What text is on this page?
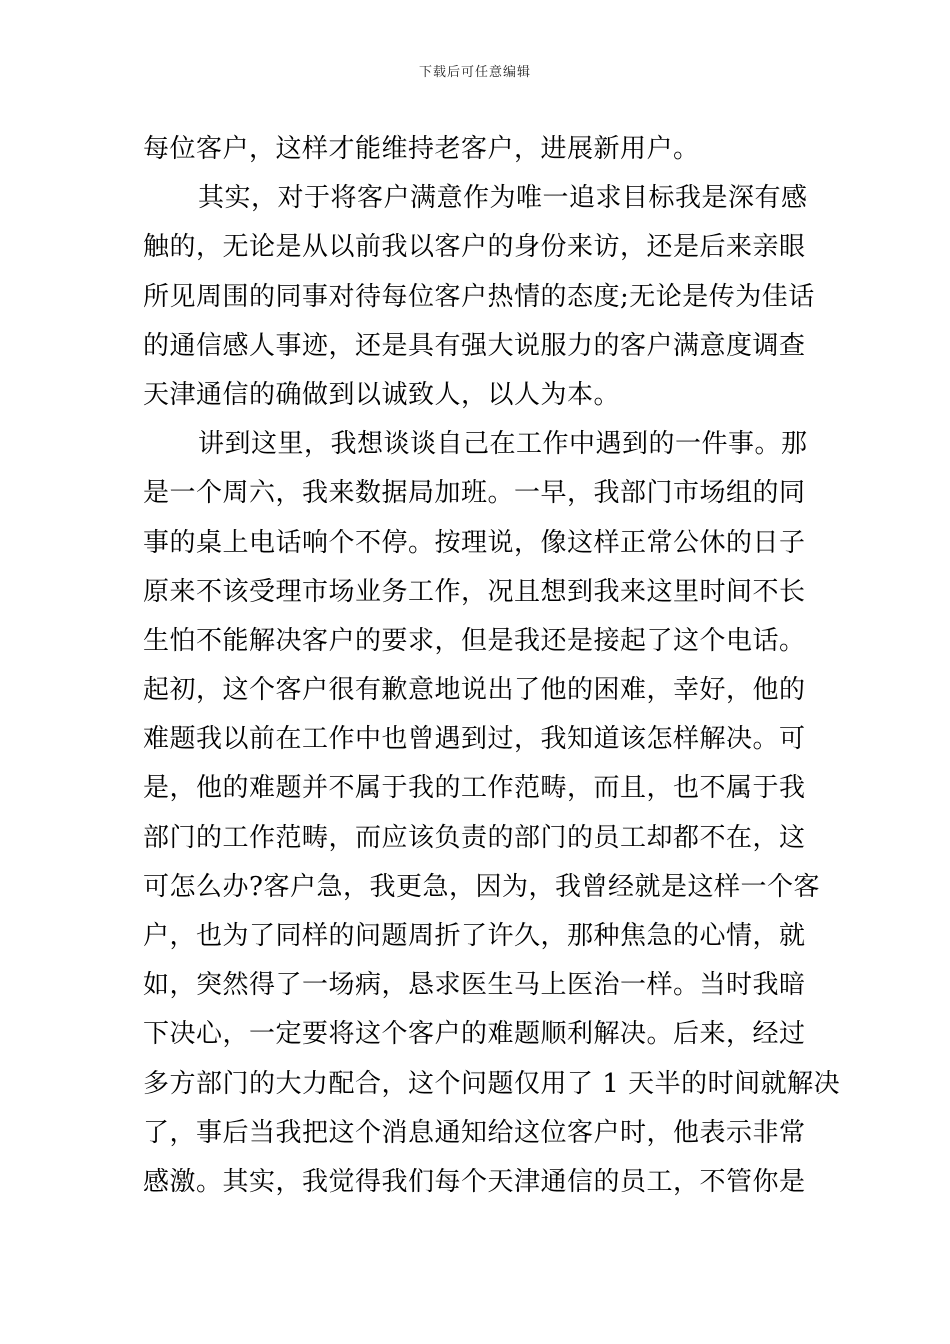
下载后可任意编辑
每位客户，这样才能维持老客户，进展新用户。
其实，对于将客户满意作为唯一追求目标我是深有感
触的，无论是从以前我以客户的身份来访，还是后来亲眼
所见周围的同事对待每位客户热情的态度;无论是传为佳话
的通信感人事迹，还是具有强大说服力的客户满意度调查
天津通信的确做到以诚致人，以人为本。
讲到这里，我想谈谈自己在工作中遇到的一件事。那
是一个周六，我来数据局加班。一早，我部门市场组的同
事的桌上电话响个不停。按理说，像这样正常公休的日子
原来不该受理市场业务工作，况且想到我来这里时间不长
生怕不能解决客户的要求，但是我还是接起了这个电话。
起初，这个客户很有歉意地说出了他的困难，幸好，他的
难题我以前在工作中也曾遇到过，我知道该怎样解决。可
是，他的难题并不属于我的工作范畴，而且，也不属于我
部门的工作范畴，而应该负责的部门的员工却都不在，这
可怎么办?客户急，我更急，因为，我曾经就是这样一个客
户，也为了同样的问题周折了许久，那种焦急的心情，就
如，突然得了一场病，恳求医生马上医治一样。当时我暗
下决心，一定要将这个客户的难题顺利解决。后来，经过
多方部门的大力配合，这个问题仅用了 1 天半的时间就解决
了，事后当我把这个消息通知给这位客户时，他表示非常
感激。其实，我觉得我们每个天津通信的员工，不管你是
